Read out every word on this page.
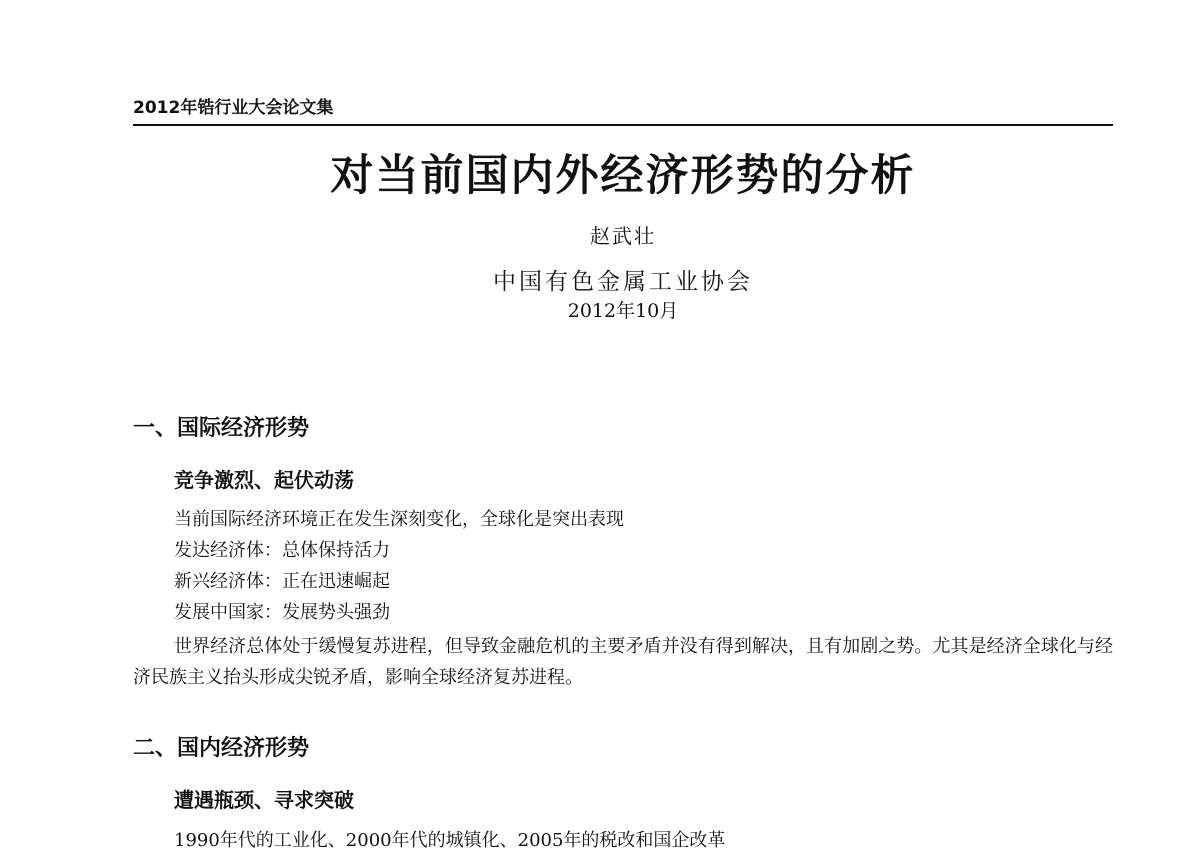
2012年锆行业大会论文集
对当前国内外经济形势的分析
赵武壮
中国有色金属工业协会
2012年10月
一、国际经济形势
竞争激烈、起伏动荡
当前国际经济环境正在发生深刻变化，全球化是突出表现
发达经济体：总体保持活力
新兴经济体：正在迅速崛起
发展中国家：发展势头强劲
世界经济总体处于缓慢复苏进程，但导致金融危机的主要矛盾并没有得到解决，且有加剧之势。尤其是经济全球化与经济民族主义抬头形成尖锐矛盾，影响全球经济复苏进程。
二、国内经济形势
遭遇瓶颈、寻求突破
1990年代的工业化、2000年代的城镇化、2005年的税改和国企改革
